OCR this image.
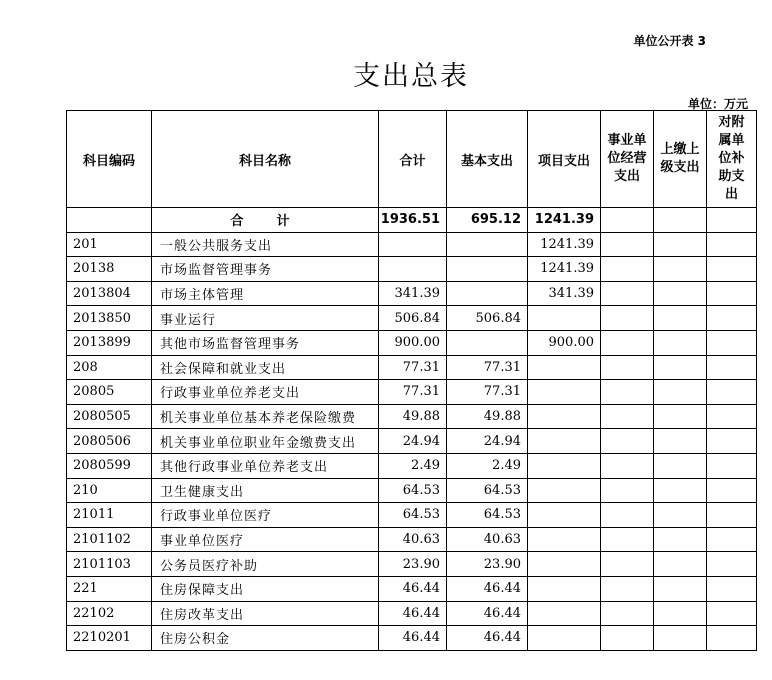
单位公开表 3
支出总表
单位：万元
科目编码	科目名称	合计	基本支出	项目支出	事业单位经营支出	上缴上级支出	对附属单位补助支出
	合　计	1936.51	695.12	1241.39			
201	一般公共服务支出			1241.39			
20138	市场监督管理事务			1241.39			
2013804	市场主体管理	341.39		341.39			
2013850	事业运行	506.84	506.84				
2013899	其他市场监督管理事务	900.00		900.00			
208	社会保障和就业支出	77.31	77.31				
20805	行政事业单位养老支出	77.31	77.31				
2080505	机关事业单位基本养老保险缴费	49.88	49.88				
2080506	机关事业单位职业年金缴费支出	24.94	24.94				
2080599	其他行政事业单位养老支出	2.49	2.49				
210	卫生健康支出	64.53	64.53				
21011	行政事业单位医疗	64.53	64.53				
2101102	事业单位医疗	40.63	40.63				
2101103	公务员医疗补助	23.90	23.90				
221	住房保障支出	46.44	46.44				
22102	住房改革支出	46.44	46.44				
2210201	住房公积金	46.44	46.44				
